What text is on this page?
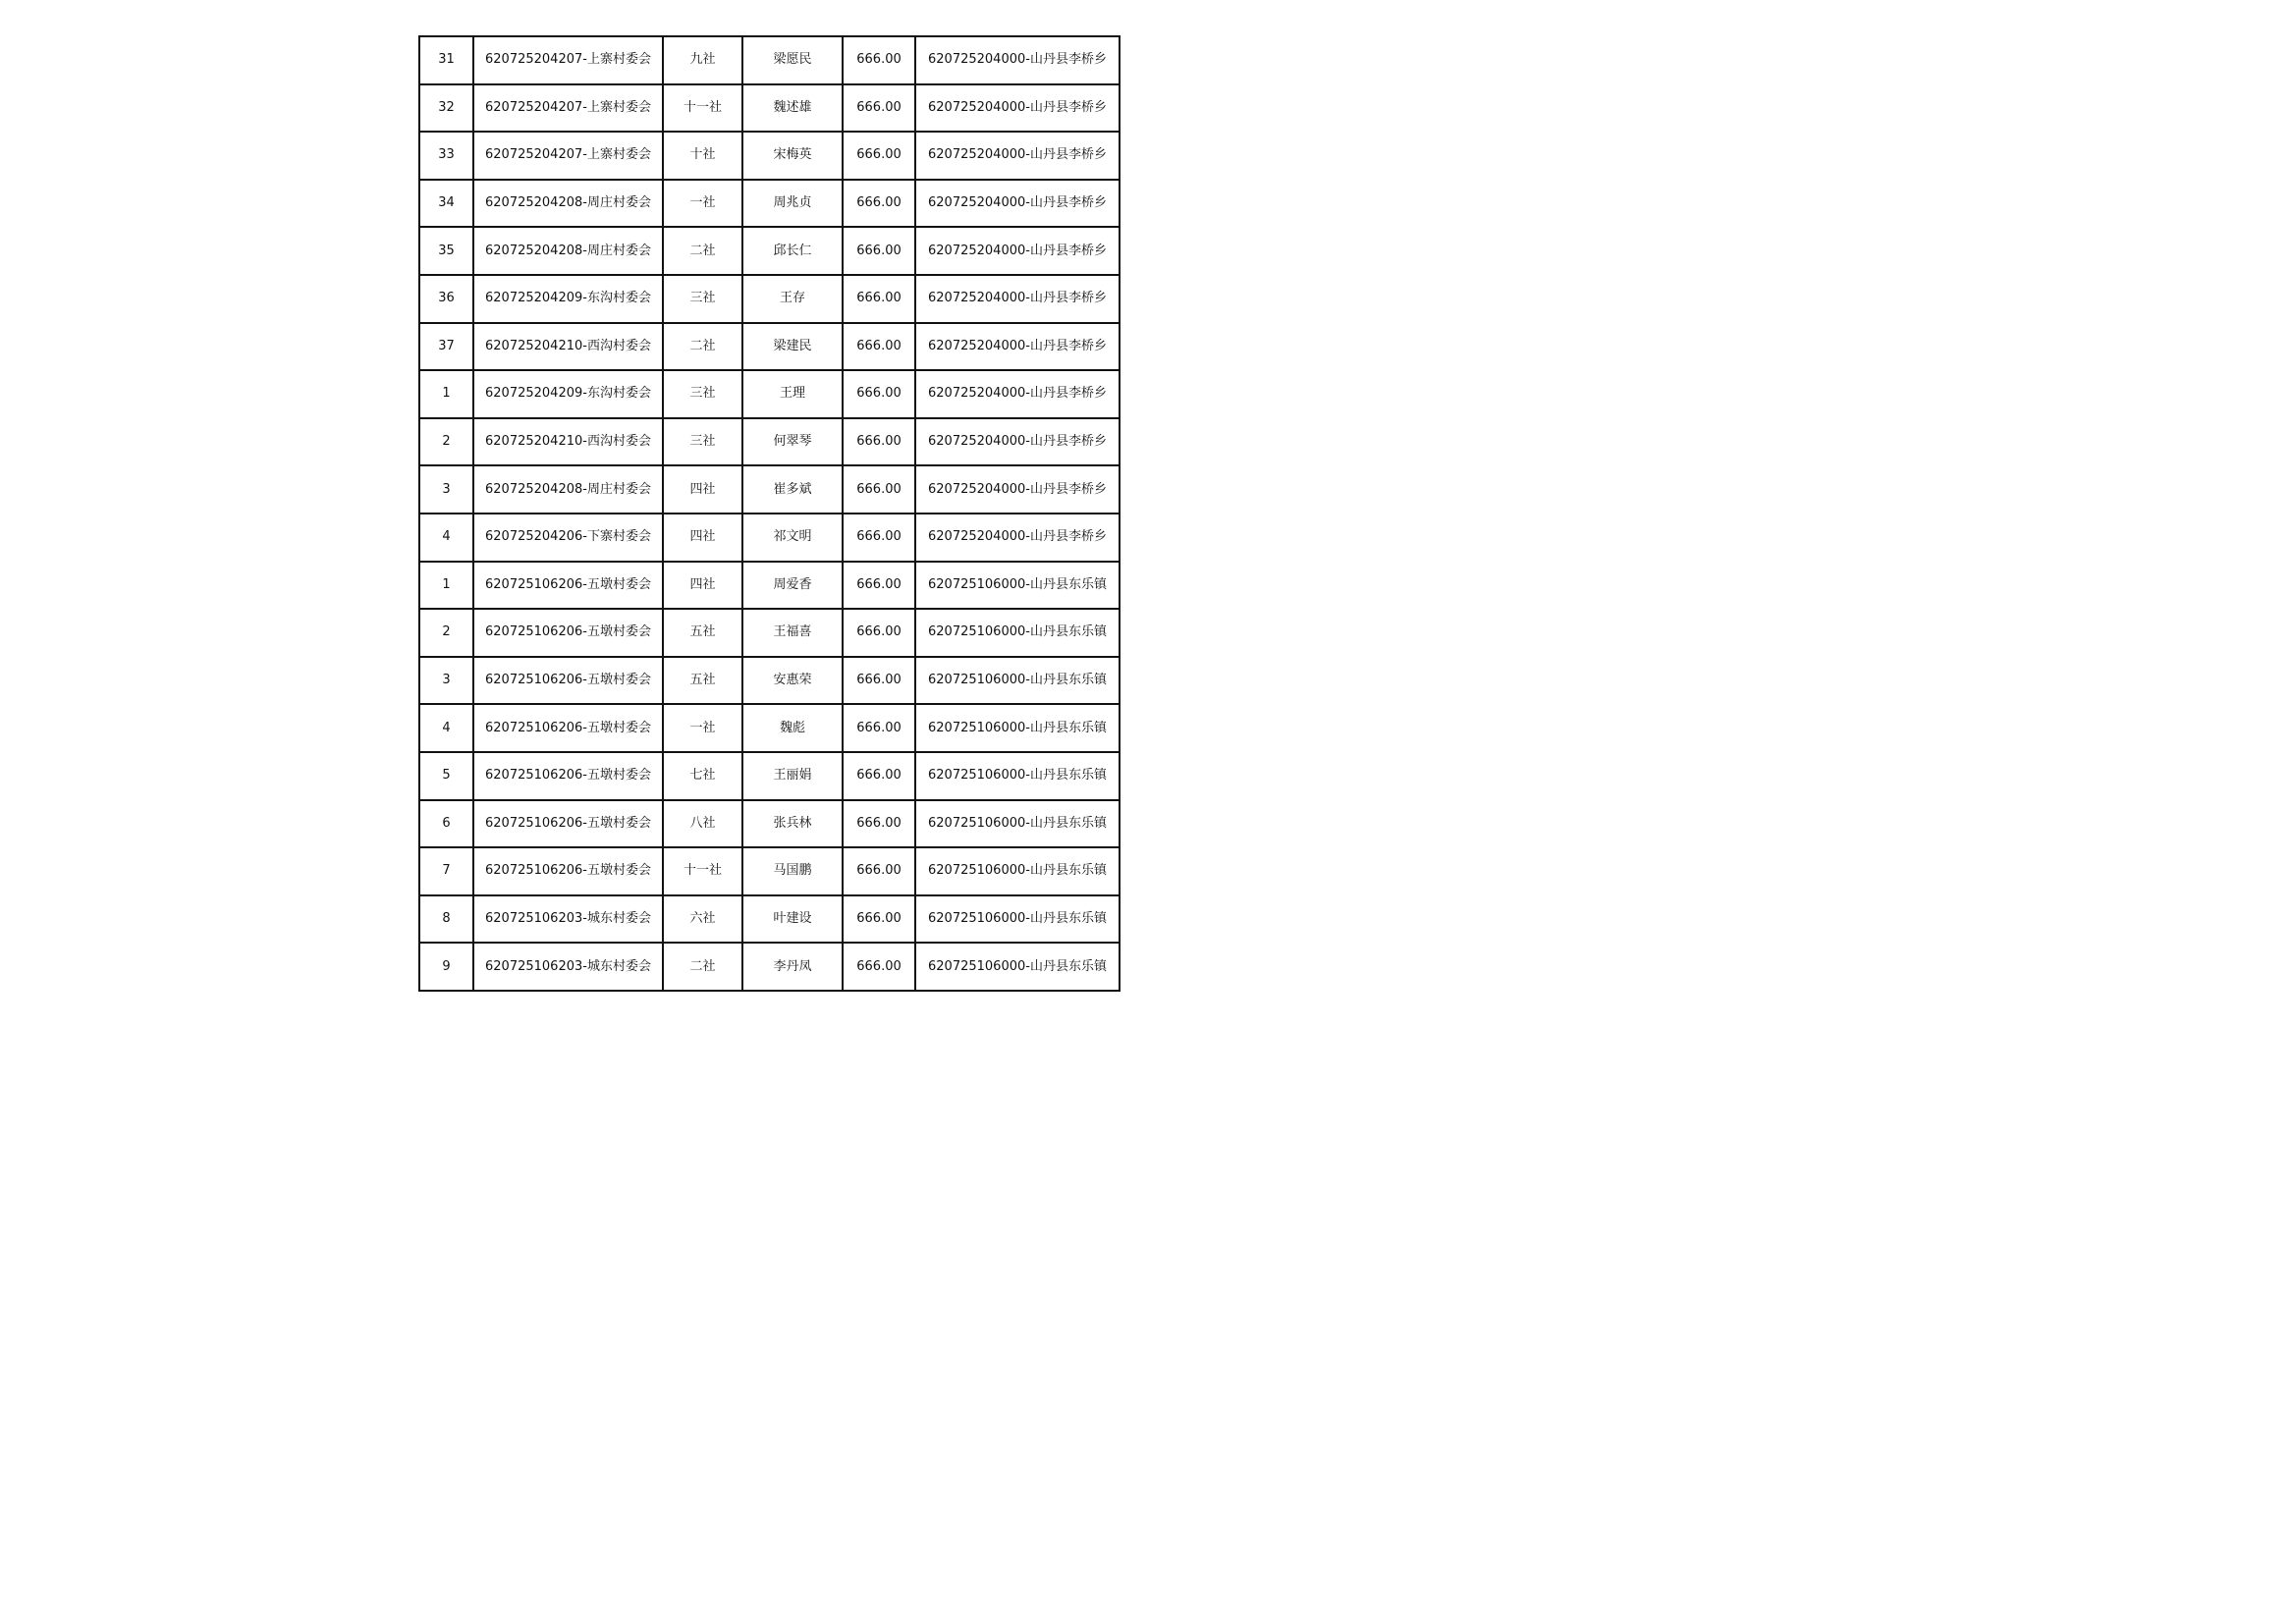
31	620725204207-上寨村委会	九社	梁愿民	666.00	620725204000-山丹县李桥乡
32	620725204207-上寨村委会	十一社	魏述雄	666.00	620725204000-山丹县李桥乡
33	620725204207-上寨村委会	十社	宋梅英	666.00	620725204000-山丹县李桥乡
34	620725204208-周庄村委会	一社	周兆贞	666.00	620725204000-山丹县李桥乡
35	620725204208-周庄村委会	二社	邱长仁	666.00	620725204000-山丹县李桥乡
36	620725204209-东沟村委会	三社	王存	666.00	620725204000-山丹县李桥乡
37	620725204210-西沟村委会	二社	梁建民	666.00	620725204000-山丹县李桥乡
1	620725204209-东沟村委会	三社	王理	666.00	620725204000-山丹县李桥乡
2	620725204210-西沟村委会	三社	何翠琴	666.00	620725204000-山丹县李桥乡
3	620725204208-周庄村委会	四社	崔多斌	666.00	620725204000-山丹县李桥乡
4	620725204206-下寨村委会	四社	祁文明	666.00	620725204000-山丹县李桥乡
1	620725106206-五墩村委会	四社	周爱香	666.00	620725106000-山丹县东乐镇
2	620725106206-五墩村委会	五社	王福喜	666.00	620725106000-山丹县东乐镇
3	620725106206-五墩村委会	五社	安惠荣	666.00	620725106000-山丹县东乐镇
4	620725106206-五墩村委会	一社	魏彪	666.00	620725106000-山丹县东乐镇
5	620725106206-五墩村委会	七社	王丽娟	666.00	620725106000-山丹县东乐镇
6	620725106206-五墩村委会	八社	张兵林	666.00	620725106000-山丹县东乐镇
7	620725106206-五墩村委会	十一社	马国鹏	666.00	620725106000-山丹县东乐镇
8	620725106203-城东村委会	六社	叶建设	666.00	620725106000-山丹县东乐镇
9	620725106203-城东村委会	二社	李丹凤	666.00	620725106000-山丹县东乐镇
